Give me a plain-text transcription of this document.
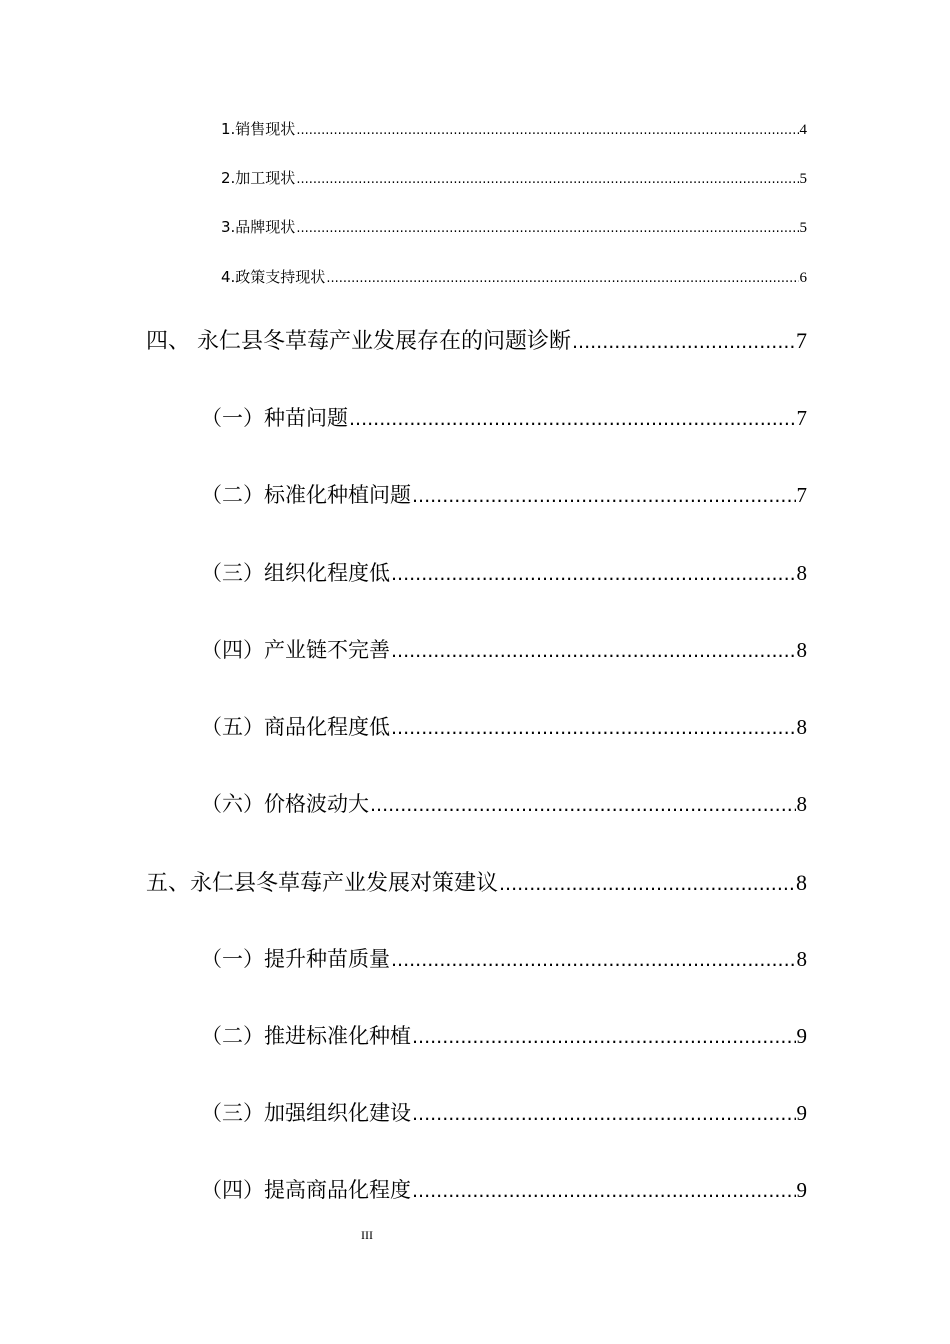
1.销售现状 .....	4
2.加工现状 .....	5
3.品牌现状 .....	5
4.政策支持现状 .....	6
四、 永仁县冬草莓产业发展存在的问题诊断 .....	7
（一）种苗问题 .....	7
（二）标准化种植问题 .....	7
（三）组织化程度低 .....	8
（四）产业链不完善 .....	8
（五）商品化程度低 .....	8
（六）价格波动大 .....	8
五、永仁县冬草莓产业发展对策建议 .....	8
（一）提升种苗质量 .....	8
（二）推进标准化种植 .....	9
（三）加强组织化建设 .....	9
（四）提高商品化程度 .....	9
III
